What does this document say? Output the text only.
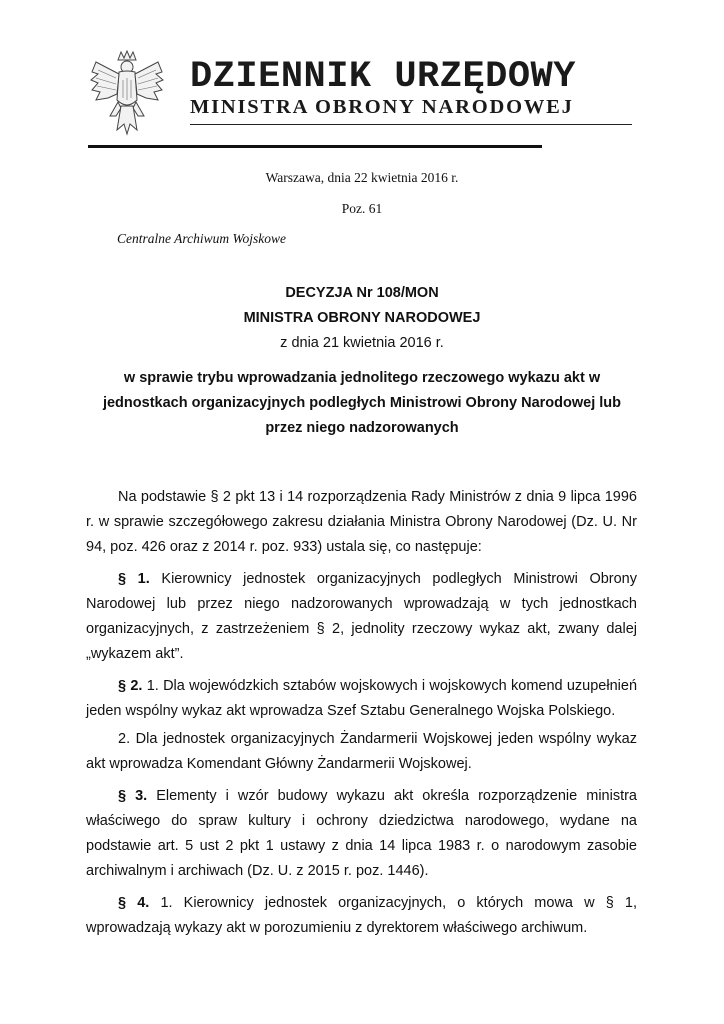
DZIENNIK URZĘDOWY
MINISTRA OBRONY NARODOWEJ
Warszawa, dnia 22 kwietnia 2016 r.
Poz. 61
Centralne Archiwum Wojskowe
DECYZJA Nr 108/MON
MINISTRA OBRONY NARODOWEJ
z dnia 21 kwietnia 2016 r.
w sprawie trybu wprowadzania jednolitego rzeczowego wykazu akt w jednostkach organizacyjnych podległych Ministrowi Obrony Narodowej lub przez niego nadzorowanych

Na podstawie § 2 pkt 13 i 14 rozporządzenia Rady Ministrów z dnia 9 lipca 1996 r. w sprawie szczegółowego zakresu działania Ministra Obrony Narodowej (Dz. U. Nr 94, poz. 426 oraz z 2014 r. poz. 933) ustala się, co następuje:

§ 1. Kierownicy jednostek organizacyjnych podległych Ministrowi Obrony Narodowej lub przez niego nadzorowanych wprowadzają w tych jednostkach organizacyjnych, z zastrzeżeniem § 2, jednolity rzeczowy wykaz akt, zwany dalej „wykazem akt”.

§ 2. 1. Dla wojewódzkich sztabów wojskowych i wojskowych komend uzupełnień jeden wspólny wykaz akt wprowadza Szef Sztabu Generalnego Wojska Polskiego.

2. Dla jednostek organizacyjnych Żandarmerii Wojskowej jeden wspólny wykaz akt wprowadza Komendant Główny Żandarmerii Wojskowej.

§ 3. Elementy i wzór budowy wykazu akt określa rozporządzenie ministra właściwego do spraw kultury i ochrony dziedzictwa narodowego, wydane na podstawie art. 5 ust 2 pkt 1 ustawy z dnia 14 lipca 1983 r. o narodowym zasobie archiwalnym i archiwach (Dz. U. z 2015 r. poz. 1446).

§ 4. 1. Kierownicy jednostek organizacyjnych, o których mowa w § 1, wprowadzają wykazy akt w porozumieniu z dyrektorem właściwego archiwum.
